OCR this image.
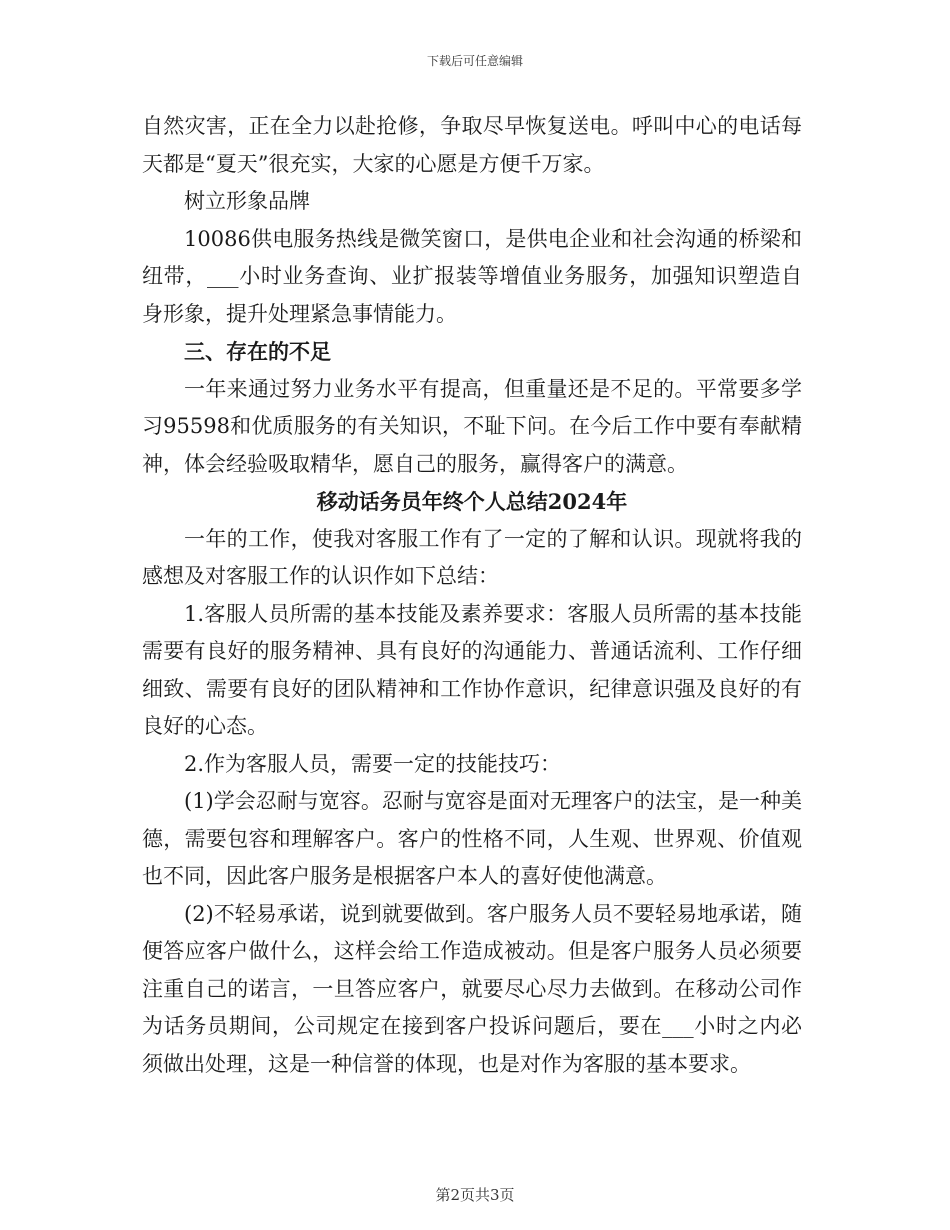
下载后可任意编辑

自然灾害，正在全力以赴抢修，争取尽早恢复送电。呼叫中心的电话每天都是“夏天”很充实，大家的心愿是方便千万家。

树立形象品牌

10086供电服务热线是微笑窗口，是供电企业和社会沟通的桥梁和纽带，___小时业务查询、业扩报装等增值业务服务，加强知识塑造自身形象，提升处理紧急事情能力。

三、存在的不足

一年来通过努力业务水平有提高，但重量还是不足的。平常要多学习95598和优质服务的有关知识，不耻下问。在今后工作中要有奉献精神，体会经验吸取精华，愿自己的服务，赢得客户的满意。

移动话务员年终个人总结2024年

一年的工作，使我对客服工作有了一定的了解和认识。现就将我的感想及对客服工作的认识作如下总结：

1.客服人员所需的基本技能及素养要求：客服人员所需的基本技能需要有良好的服务精神、具有良好的沟通能力、普通话流利、工作仔细细致、需要有良好的团队精神和工作协作意识，纪律意识强及良好的有良好的心态。

2.作为客服人员，需要一定的技能技巧：

(1)学会忍耐与宽容。忍耐与宽容是面对无理客户的法宝，是一种美德，需要包容和理解客户。客户的性格不同，人生观、世界观、价值观也不同，因此客户服务是根据客户本人的喜好使他满意。

(2)不轻易承诺，说到就要做到。客户服务人员不要轻易地承诺，随便答应客户做什么，这样会给工作造成被动。但是客户服务人员必须要注重自己的诺言，一旦答应客户，就要尽心尽力去做到。在移动公司作为话务员期间，公司规定在接到客户投诉问题后，要在___小时之内必须做出处理，这是一种信誉的体现，也是对作为客服的基本要求。

第2页共3页
